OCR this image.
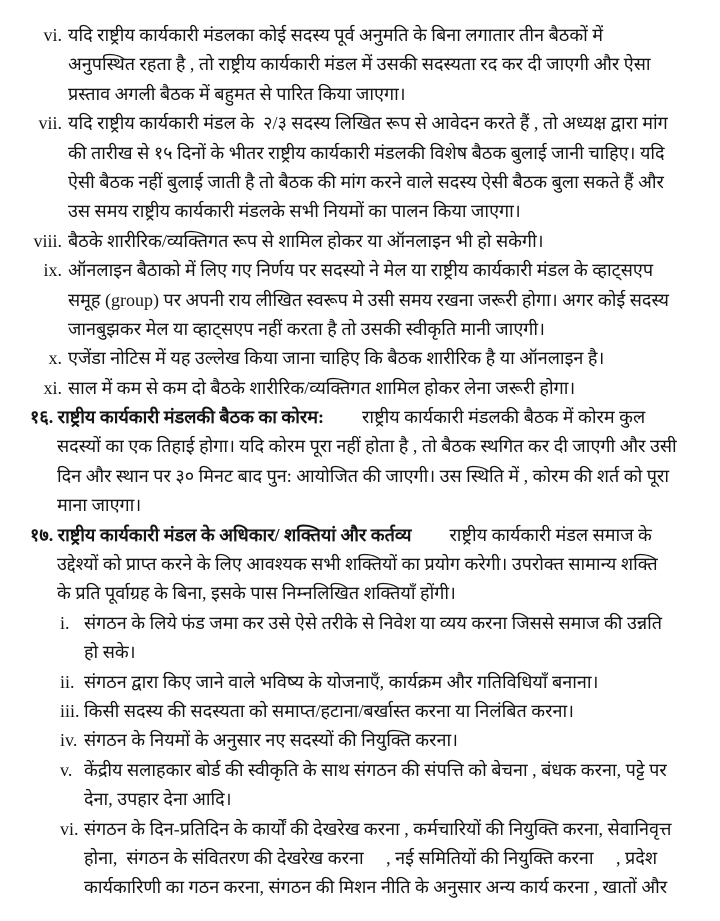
vi. यदि राष्ट्रीय कार्यकारी मंडलका कोई सदस्य पूर्व अनुमति के बिना लगातार तीन बैठकों में
अनुपस्थित रहता है , तो राष्ट्रीय कार्यकारी मंडल में उसकी सदस्यता रद कर दी जाएगी और ऐसा
प्रस्ताव अगली बैठक में बहुमत से पारित किया जाएगा।
vii. यदि राष्ट्रीय कार्यकारी मंडल के  २/३ सदस्य लिखित रूप से आवेदन करते हैं , तो अध्यक्ष द्वारा मांग
की तारीख से १५ दिनों के भीतर राष्ट्रीय कार्यकारी मंडलकी विशेष बैठक बुलाई जानी चाहिए। यदि
ऐसी बैठक नहीं बुलाई जाती है तो बैठक की मांग करने वाले सदस्य ऐसी बैठक बुला सकते हैं और
उस समय राष्ट्रीय कार्यकारी मंडलके सभी नियमों का पालन किया जाएगा।
viii. बैठके शारीरिक/व्यक्तिगत रूप से शामिल होकर या ऑनलाइन भी हो सकेगी।
ix. ऑनलाइन बैठाको में लिए गए निर्णय पर सदस्यो ने मेल या राष्ट्रीय कार्यकारी मंडल के व्हाट्सएप
समूह (group) पर अपनी राय लीखित स्वरूप मे उसी समय रखना जरूरी होगा। अगर कोई सदस्य
जानबुझकर मेल या व्हाट्सएप नहीं करता है तो उसकी स्वीकृति मानी जाएगी।
x. एजेंडा नोटिस में यह उल्लेख किया जाना चाहिए कि बैठक शारीरिक है या ऑनलाइन है।
xi. साल में कम से कम दो बैठके शारीरिक/व्यक्तिगत शामिल होकर लेना जरूरी होगा।
१६. राष्ट्रीय कार्यकारी मंडलकी बैठक का कोरम: राष्ट्रीय कार्यकारी मंडलकी बैठक में कोरम कुल
सदस्यों का एक तिहाई होगा। यदि कोरम पूरा नहीं होता है , तो बैठक स्थगित कर दी जाएगी और उसी
दिन और स्थान पर ३० मिनट बाद पुन: आयोजित की जाएगी। उस स्थिति में , कोरम की शर्त को पूरा
माना जाएगा।
१७. राष्ट्रीय कार्यकारी मंडल के अधिकार/ शक्तियां और कर्तव्य राष्ट्रीय कार्यकारी मंडल समाज के
उद्देश्यों को प्राप्त करने के लिए आवश्यक सभी शक्तियों का प्रयोग करेगी। उपरोक्त सामान्य शक्ति
के प्रति पूर्वाग्रह के बिना, इसके पास निम्नलिखित शक्तियाँ होंगी।
i. संगठन के लिये फंड जमा कर उसे ऐसे तरीके से निवेश या व्यय करना जिससे समाज की उन्नति
हो सके।
ii. संगठन द्वारा किए जाने वाले भविष्य के योजनाएँ, कार्यक्रम और गतिविधियाँ बनाना।
iii. किसी सदस्य की सदस्यता को समाप्त/हटाना/बर्खास्त करना या निलंबित करना।
iv. संगठन के नियमों के अनुसार नए सदस्यों की नियुक्ति करना।
v. केंद्रीय सलाहकार बोर्ड की स्वीकृति के साथ संगठन की संपत्ति को बेचना , बंधक करना, पट्टे पर
देना, उपहार देना आदि।
vi. संगठन के दिन-प्रतिदिन के कार्यों की देखरेख करना , कर्मचारियों की नियुक्ति करना, सेवानिवृत्त
होना,  संगठन के संवितरण की देखरेख करना     , नई समितियों की नियुक्ति करना     , प्रदेश
कार्यकारिणी का गठन करना, संगठन की मिशन नीति के अनुसार अन्य कार्य करना , खातों और
